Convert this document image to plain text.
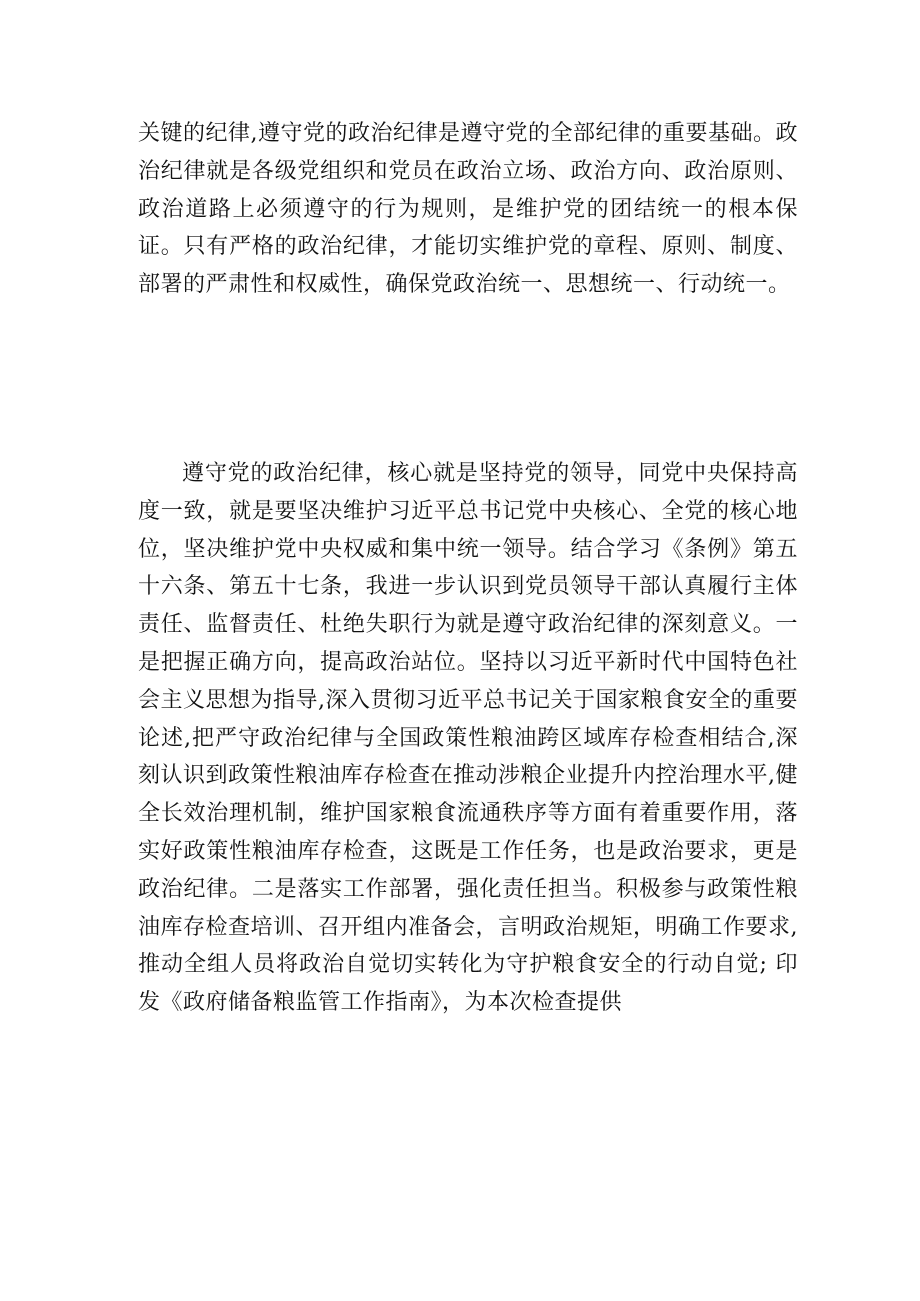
关键的纪律,遵守党的政治纪律是遵守党的全部纪律的重要基础。政治纪律就是各级党组织和党员在政治立场、政治方向、政治原则、政治道路上必须遵守的行为规则，是维护党的团结统一的根本保证。只有严格的政治纪律，才能切实维护党的章程、原则、制度、部署的严肃性和权威性，确保党政治统一、思想统一、行动统一。

遵守党的政治纪律，核心就是坚持党的领导，同党中央保持高度一致，就是要坚决维护习近平总书记党中央核心、全党的核心地位，坚决维护党中央权威和集中统一领导。结合学习《条例》第五十六条、第五十七条，我进一步认识到党员领导干部认真履行主体责任、监督责任、杜绝失职行为就是遵守政治纪律的深刻意义。一是把握正确方向，提高政治站位。坚持以习近平新时代中国特色社会主义思想为指导,深入贯彻习近平总书记关于国家粮食安全的重要论述,把严守政治纪律与全国政策性粮油跨区域库存检查相结合,深刻认识到政策性粮油库存检查在推动涉粮企业提升内控治理水平,健全长效治理机制，维护国家粮食流通秩序等方面有着重要作用，落实好政策性粮油库存检查，这既是工作任务，也是政治要求，更是政治纪律。二是落实工作部署，强化责任担当。积极参与政策性粮油库存检查培训、召开组内准备会，言明政治规矩，明确工作要求,推动全组人员将政治自觉切实转化为守护粮食安全的行动自觉; 印发《政府储备粮监管工作指南》，为本次检查提供
